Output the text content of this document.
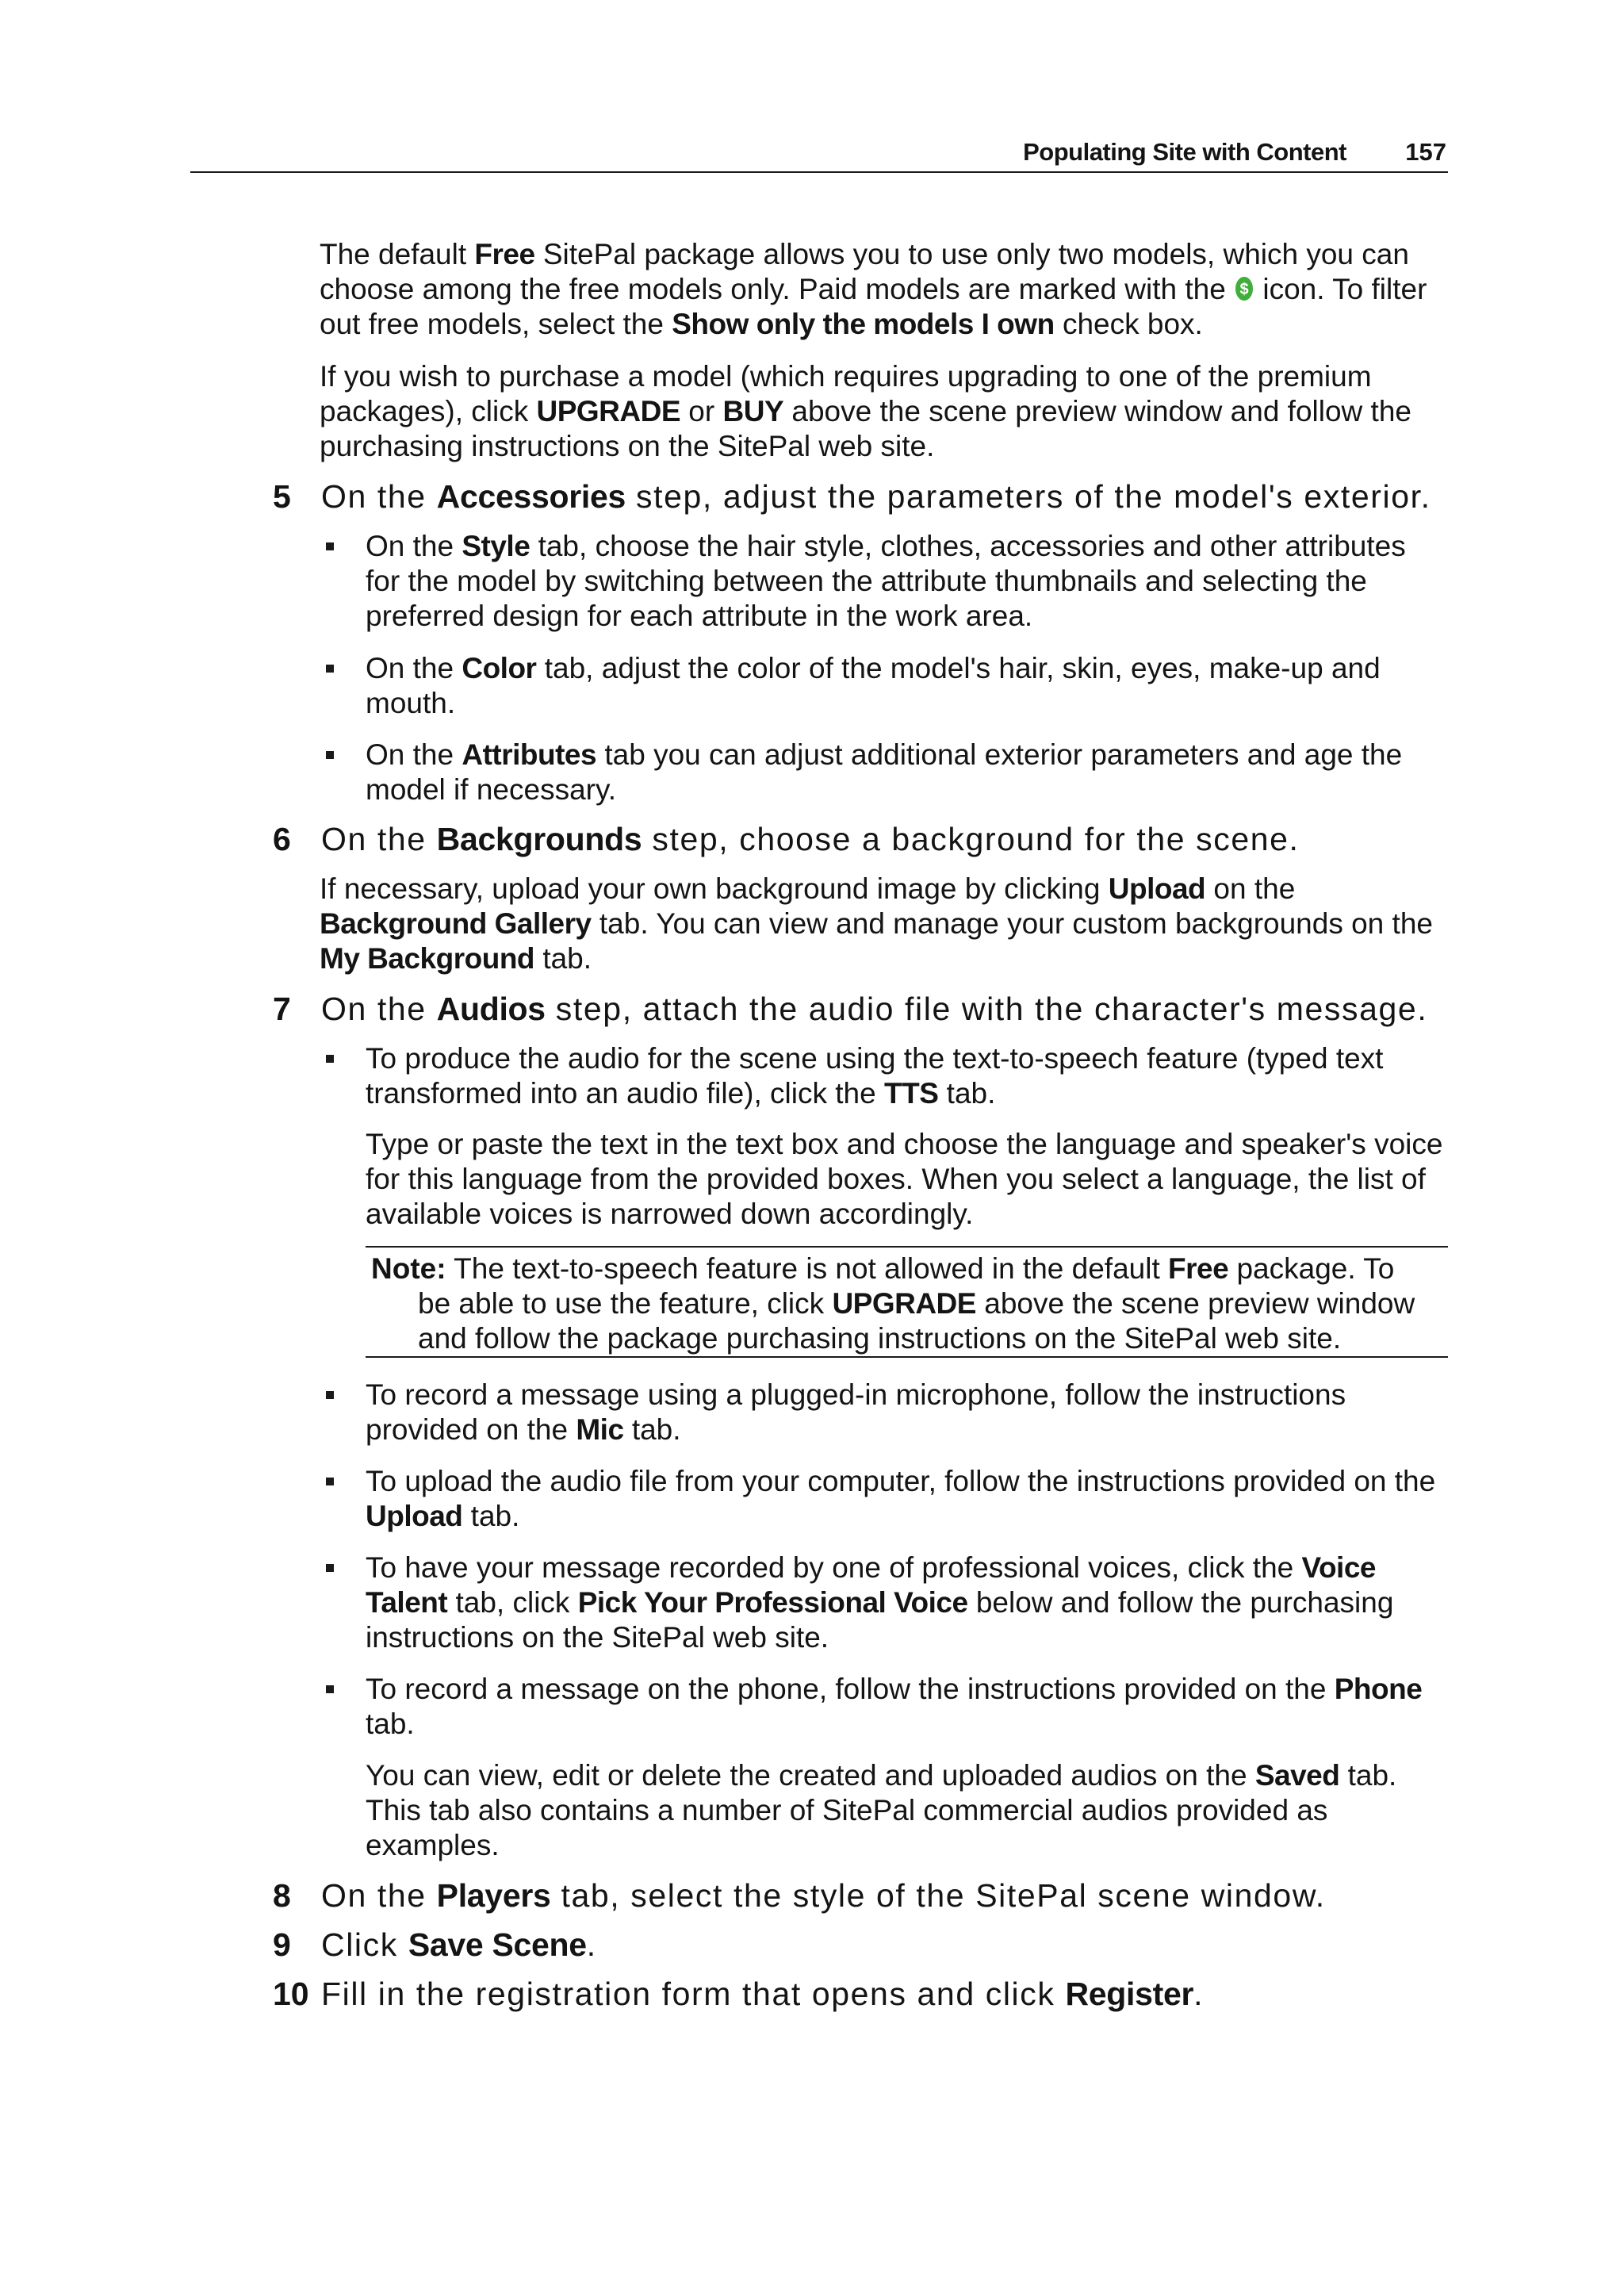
Populating Site with Content 157
The default Free SitePal package allows you to use only two models, which you can choose among the free models only. Paid models are marked with the $ icon. To filter out free models, select the Show only the models I own check box.
If you wish to purchase a model (which requires upgrading to one of the premium packages), click UPGRADE or BUY above the scene preview window and follow the purchasing instructions on the SitePal web site.
5 On the Accessories step, adjust the parameters of the model's exterior.
On the Style tab, choose the hair style, clothes, accessories and other attributes for the model by switching between the attribute thumbnails and selecting the preferred design for each attribute in the work area.
On the Color tab, adjust the color of the model's hair, skin, eyes, make-up and mouth.
On the Attributes tab you can adjust additional exterior parameters and age the model if necessary.
6 On the Backgrounds step, choose a background for the scene.
If necessary, upload your own background image by clicking Upload on the Background Gallery tab. You can view and manage your custom backgrounds on the My Background tab.
7 On the Audios step, attach the audio file with the character's message.
To produce the audio for the scene using the text-to-speech feature (typed text transformed into an audio file), click the TTS tab.
Type or paste the text in the text box and choose the language and speaker's voice for this language from the provided boxes. When you select a language, the list of available voices is narrowed down accordingly.
Note: The text-to-speech feature is not allowed in the default Free package. To
be able to use the feature, click UPGRADE above the scene preview window and follow the package purchasing instructions on the SitePal web site.
To record a message using a plugged-in microphone, follow the instructions provided on the Mic tab.
To upload the audio file from your computer, follow the instructions provided on the Upload tab.
To have your message recorded by one of professional voices, click the Voice Talent tab, click Pick Your Professional Voice below and follow the purchasing instructions on the SitePal web site.
To record a message on the phone, follow the instructions provided on the Phone tab.
You can view, edit or delete the created and uploaded audios on the Saved tab. This tab also contains a number of SitePal commercial audios provided as examples.
8 On the Players tab, select the style of the SitePal scene window.
9 Click Save Scene.
10 Fill in the registration form that opens and click Register.
